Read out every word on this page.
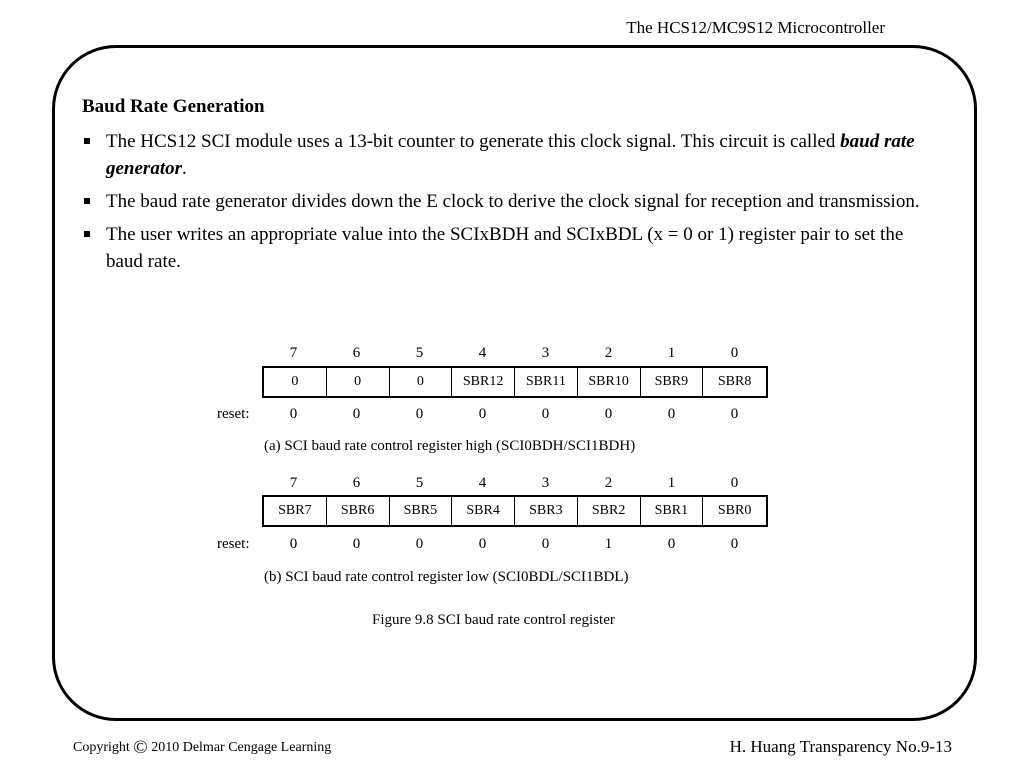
The HCS12/MC9S12 Microcontroller
Baud Rate Generation
The HCS12 SCI module uses a 13-bit counter to generate this clock signal. This circuit is called baud rate generator.
The baud rate generator divides down the E clock to derive the clock signal for reception and transmission.
The user writes an appropriate value into the SCIxBDH and SCIxBDL (x = 0 or 1) register pair to set the baud rate.
7	6	5	4	3	2	1	0
0	0	0	SBR12	SBR11	SBR10	SBR9	SBR8
reset:	0	0	0	0	0	0	0	0
(a) SCI baud rate control register high (SCI0BDH/SCI1BDH)
7	6	5	4	3	2	1	0
SBR7	SBR6	SBR5	SBR4	SBR3	SBR2	SBR1	SBR0
reset:	0	0	0	0	0	1	0	0
(b) SCI baud rate control register low (SCI0BDL/SCI1BDL)
Figure 9.8 SCI baud rate control register
Copyright © 2010 Delmar Cengage Learning	H. Huang Transparency No.9-13
